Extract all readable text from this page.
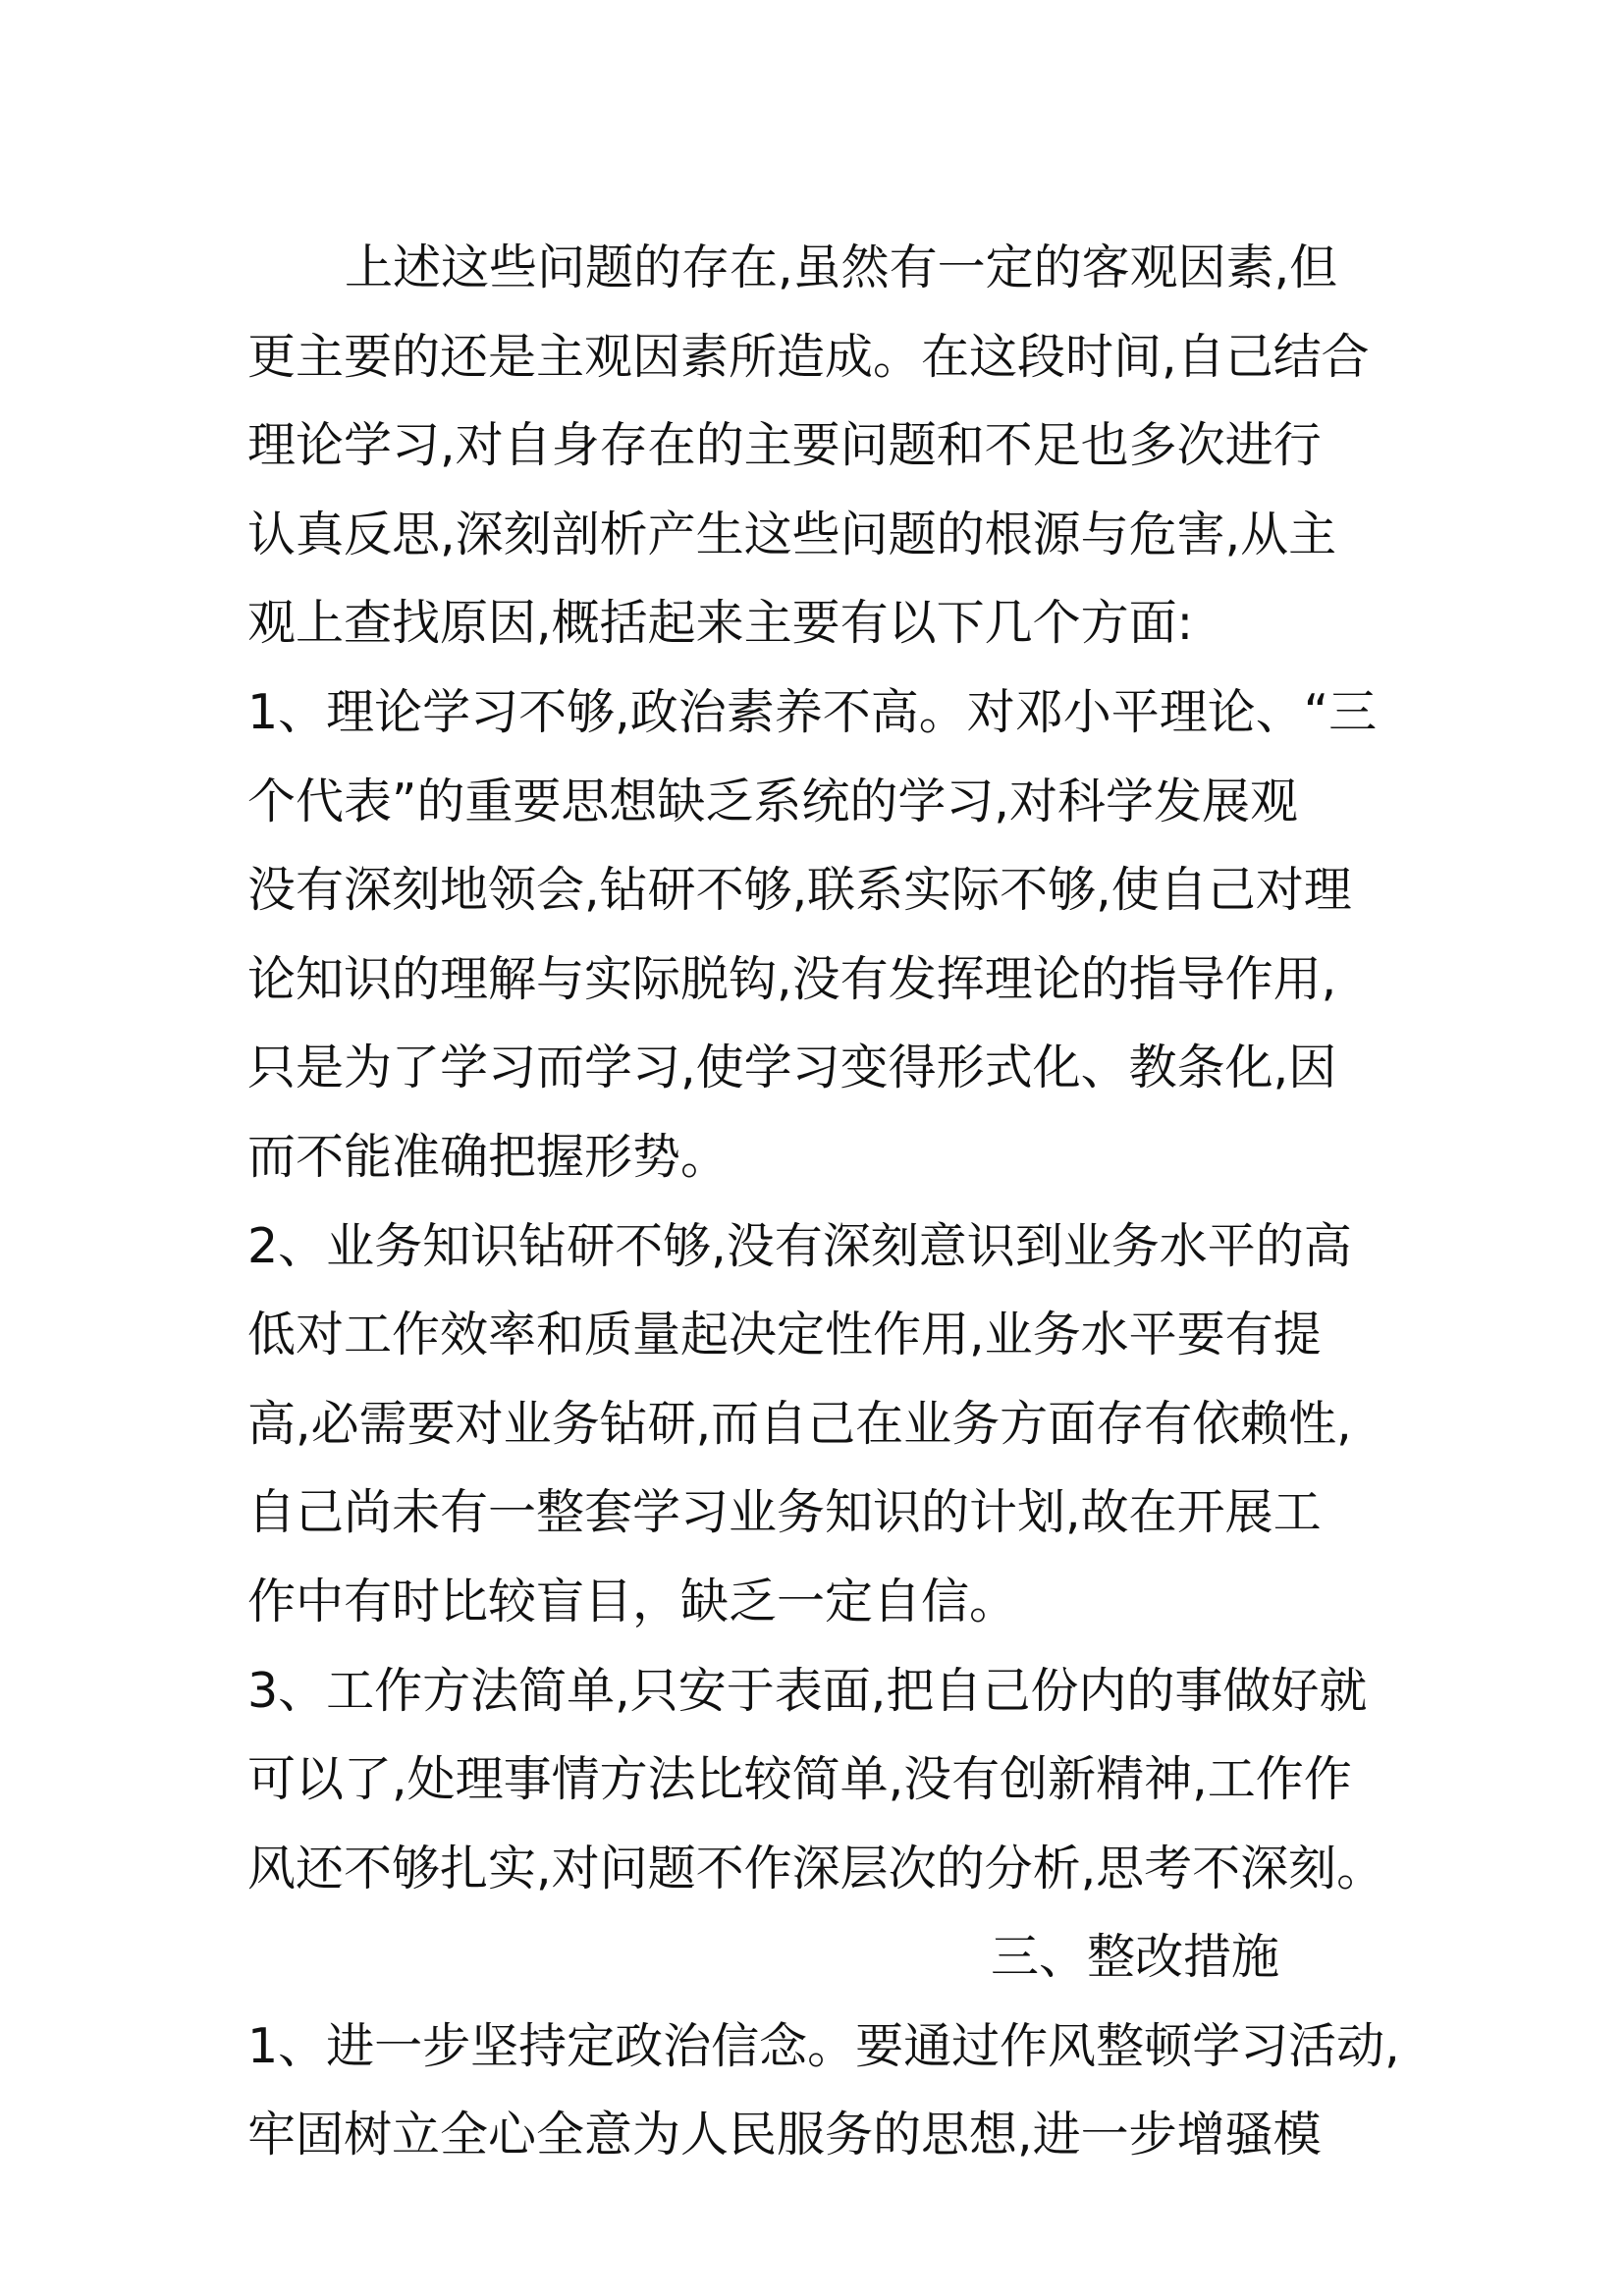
上述这些问题的存在,虽然有一定的客观因素,但
更主要的还是主观因素所造成。在这段时间,自己结合
理论学习,对自身存在的主要问题和不足也多次进行
认真反思,深刻剖析产生这些问题的根源与危害,从主
观上查找原因,概括起来主要有以下几个方面:
1、理论学习不够,政治素养不高。对邓小平理论、“三
个代表”的重要思想缺乏系统的学习,对科学发展观
没有深刻地领会,钻研不够,联系实际不够,使自己对理
论知识的理解与实际脱钩,没有发挥理论的指导作用,
只是为了学习而学习,使学习变得形式化、教条化,因
而不能准确把握形势。
2、业务知识钻研不够,没有深刻意识到业务水平的高
低对工作效率和质量起决定性作用,业务水平要有提
高,必需要对业务钻研,而自己在业务方面存有依赖性,
自己尚未有一整套学习业务知识的计划,故在开展工
作中有时比较盲目，缺乏一定自信。
3、工作方法简单,只安于表面,把自己份内的事做好就
可以了,处理事情方法比较简单,没有创新精神,工作作
风还不够扎实,对问题不作深层次的分析,思考不深刻。
三、整改措施
1、进一步坚持定政治信念。要通过作风整顿学习活动,
牢固树立全心全意为人民服务的思想,进一步增骚模
